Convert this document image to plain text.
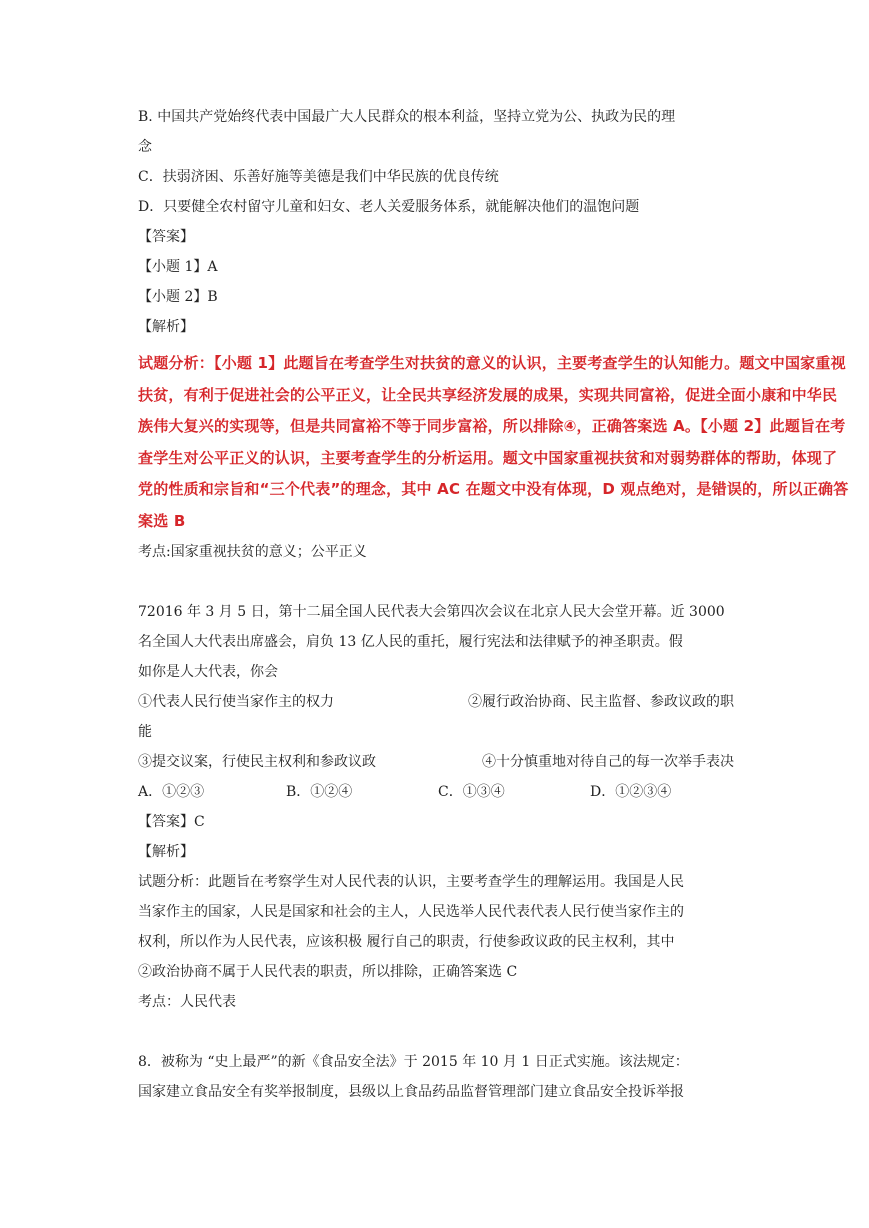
B. 中国共产党始终代表中国最广大人民群众的根本利益，坚持立党为公、执政为民的理
念
C．扶弱济困、乐善好施等美德是我们中华民族的优良传统
D．只要健全农村留守儿童和妇女、老人关爱服务体系，就能解决他们的温饱问题
【答案】
【小题 1】A
【小题 2】B
【解析】
试题分析：【小题 1】此题旨在考查学生对扶贫的意义的认识，主要考查学生的认知能力。题文中国家重视
扶贫，有利于促进社会的公平正义，让全民共享经济发展的成果，实现共同富裕，促进全面小康和中华民
族伟大复兴的实现等，但是共同富裕不等于同步富裕，所以排除④，正确答案选 A。【小题 2】此题旨在考
查学生对公平正义的认识，主要考查学生的分析运用。题文中国家重视扶贫和对弱势群体的帮助，体现了
党的性质和宗旨和“三个代表”的理念，其中 AC 在题文中没有体现，D 观点绝对，是错误的，所以正确答
案选 B
考点:国家重视扶贫的意义；公平正义
72016 年 3 月 5 日，第十二届全国人民代表大会第四次会议在北京人民大会堂开幕。近 3000
名全国人大代表出席盛会，肩负 13 亿人民的重托，履行宪法和法律赋予的神圣职责。假
如你是人大代表，你会
①代表人民行使当家作主的权力	②履行政治协商、民主监督、参政议政的职
能
③提交议案，行使民主权利和参政议政	④十分慎重地对待自己的每一次举手表决
A．①②③	B．①②④	C．①③④	D．①②③④
【答案】C
【解析】
试题分析：此题旨在考察学生对人民代表的认识，主要考查学生的理解运用。我国是人民
当家作主的国家，人民是国家和社会的主人，人民选举人民代表代表人民行使当家作主的
权利，所以作为人民代表，应该积极 履行自己的职责，行使参政议政的民主权利，其中
②政治协商不属于人民代表的职责，所以排除，正确答案选 C
考点：人民代表
8．被称为 “史上最严”的新《食品安全法》于 2015 年 10 月 1 日正式实施。该法规定：
国家建立食品安全有奖举报制度，县级以上食品药品监督管理部门建立食品安全投诉举报
